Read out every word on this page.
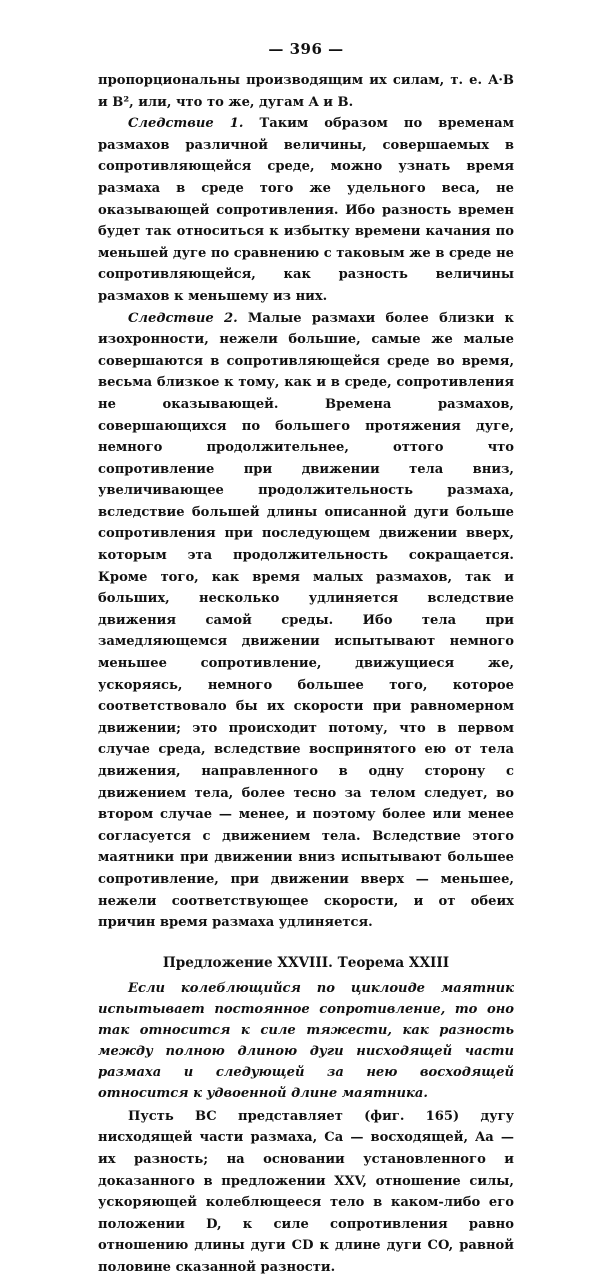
— 396 —

пропорциональны производящим их силам, т. е. A·B и B², или, что то же, дугам A и B.

Следствие 1. Таким образом по временам размахов различной величины, совершаемых в сопротивляющейся среде, можно узнать время размаха в среде того же удельного веса, не оказывающей сопротивления. Ибо разность времен будет так относиться к избытку времени качания по меньшей дуге по сравнению с таковым же в среде не сопротивляющейся, как разность величины размахов к меньшему из них.

Следствие 2. Малые размахи более близки к изохронности, нежели большие, самые же малые совершаются в сопротивляющейся среде во время, весьма близкое к тому, как и в среде, сопротивления не оказывающей. Времена размахов, совершающихся по большего протяжения дуге, немного продолжительнее, оттого что сопротивление при движении тела вниз, увеличивающее продолжительность размаха, вследствие большей длины описанной дуги больше сопротивления при последующем движении вверх, которым эта продолжительность сокращается. Кроме того, как время малых размахов, так и больших, несколько удлиняется вследствие движения самой среды. Ибо тела при замедляющемся движении испытывают немного меньшее сопротивление, движущиеся же, ускоряясь, немного большее того, которое соответствовало бы их скорости при равномерном движении; это происходит потому, что в первом случае среда, вследствие воспринятого ею от тела движения, направленного в одну сторону с движением тела, более тесно за телом следует, во втором случае — менее, и поэтому более или менее согласуется с движением тела. Вследствие этого маятники при движении вниз испытывают большее сопротивление, при движении вверх — меньшее, нежели соответствующее скорости, и от обеих причин время размаха удлиняется.

Предложение XXVIII. Теорема XXIII
Если колеблющийся по циклоиде маятник испытывает постоянное сопротивление, то оно так относится к силе тяжести, как разность между полною длиною дуги нисходящей части размаха и следующей за нею восходящей относится к удвоенной длине маятника.

Пусть BC представляет (фиг. 165) дугу нисходящей части размаха, Ca — восходящей, Aa — их разность; на основании установленного и доказанного в предложении XXV, отношение силы, ускоряющей колеблющееся тело в каком-либо его положении D, к силе сопротивления равно отношению длины дуги CD к длине дуги CO, равной половине сказанной разности.
